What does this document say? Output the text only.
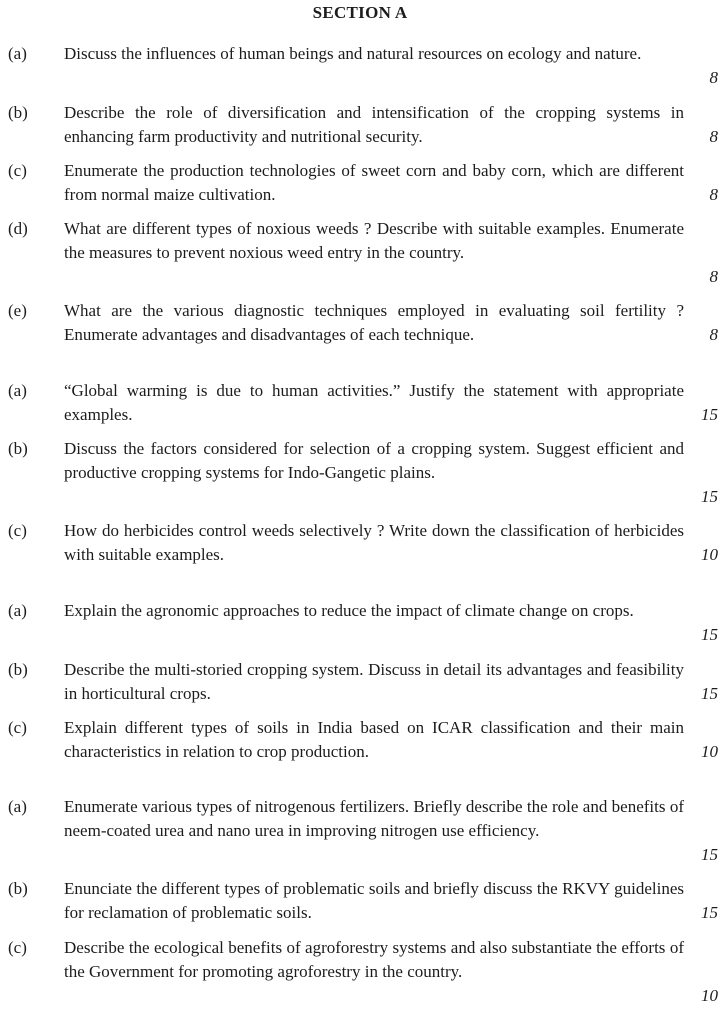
SECTION A
(a) Discuss the influences of human beings and natural resources on ecology and nature.
8
(b) Describe the role of diversification and intensification of the cropping systems in enhancing farm productivity and nutritional security.	8
(c) Enumerate the production technologies of sweet corn and baby corn, which are different from normal maize cultivation.	8
(d) What are different types of noxious weeds ? Describe with suitable examples. Enumerate the measures to prevent noxious weed entry in the country.
8
(e) What are the various diagnostic techniques employed in evaluating soil fertility ? Enumerate advantages and disadvantages of each technique.	8
(a) “Global warming is due to human activities.” Justify the statement with appropriate examples.	15
(b) Discuss the factors considered for selection of a cropping system. Suggest efficient and productive cropping systems for Indo-Gangetic plains.
15
(c) How do herbicides control weeds selectively ? Write down the classification of herbicides with suitable examples.	10
(a) Explain the agronomic approaches to reduce the impact of climate change on crops.
15
(b) Describe the multi-storied cropping system. Discuss in detail its advantages and feasibility in horticultural crops.	15
(c) Explain different types of soils in India based on ICAR classification and their main characteristics in relation to crop production.	10
(a) Enumerate various types of nitrogenous fertilizers. Briefly describe the role and benefits of neem-coated urea and nano urea in improving nitrogen use efficiency.
15
(b) Enunciate the different types of problematic soils and briefly discuss the RKVY guidelines for reclamation of problematic soils.	15
(c) Describe the ecological benefits of agroforestry systems and also substantiate the efforts of the Government for promoting agroforestry in the country.
10
